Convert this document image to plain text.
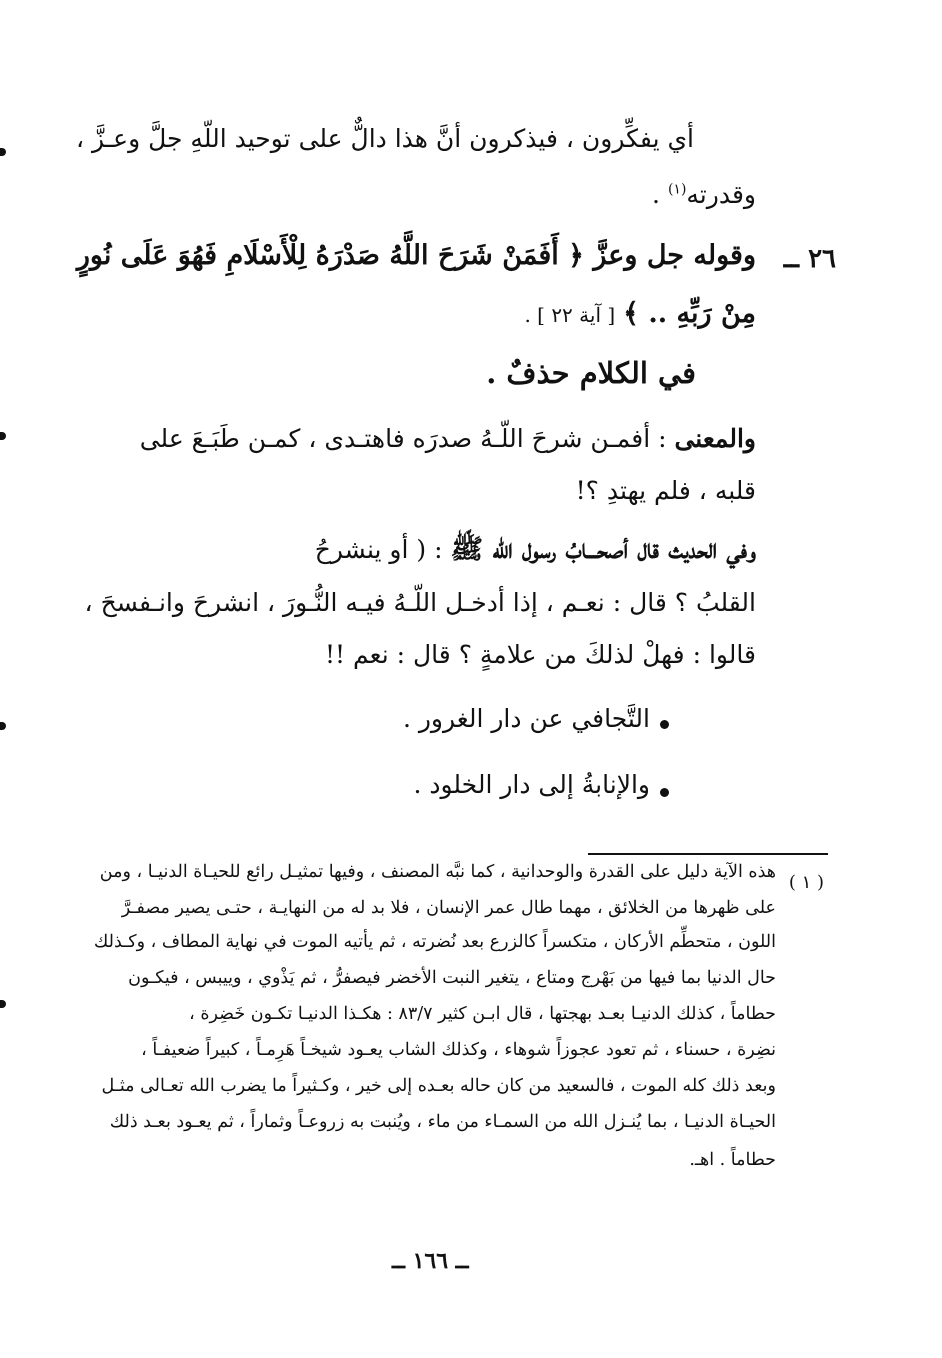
أي يفكِّرون ، فيذكرون أنَّ هذا دالٌّ على توحيد اللّهِ جلَّ وعـزَّ ،
وقدرته$^{(١)}$ .
٢٦ ــ
وقوله جل وعزَّ ﴿ أَفَمَنْ شَرَحَ اللَّهُ صَدْرَهُ لِلْأَسْلَامِ فَهُوَ عَلَى نُورٍ
مِنْ رَبِّهِ .. ﴾ [ آية ٢٢ ] .
في الكلام حذفٌ .
والمعنى : أفمـن شرحَ اللّـهُ صدرَه فاهتـدى ، كمـن طَبَـعَ على
قلبه ، فلم يهتدِ ؟!
وفي الحديث قال أصحـــابُ رسول الله ﷺ : ( أو ينشرحُ
القلبُ ؟ قال : نعـم ، إذا أدخـل اللّـهُ فيـه النُّـورَ ، انشرحَ وانـفسحَ ،
قالوا : فهلْ لذلكَ من علامةٍ ؟ قال : نعم !!
التَّجافي عن دار الغرور .
والإنابةُ إلى دار الخلود .
( ١ )
هذه الآية دليل على القدرة والوحدانية ، كما نبَّه المصنف ، وفيها تمثيـل رائع للحيـاة الدنيـا ، ومن
على ظهرها من الخلائق ، مهما طال عمر الإنسان ، فلا بد له من النهايـة ، حتـى يصير مصفـرَّ
اللون ، متحطِّم الأركان ، متكسراً كالزرع بعد نُضرته ، ثم يأتيه الموت في نهاية المطاف ، وكـذلك
حال الدنيا بما فيها من بَهْرج ومتاع ، يتغير النبت الأخضر فيصفرُّ ، ثم يَذْوي ، وييبس ، فيكـون
حطاماً ، كذلك الدنيـا بعـد بهجتها ، قال ابـن كثير ٨٣/٧ : هكـذا الدنيـا تكـون خَضِرة ،
نضِرة ، حسناء ، ثم تعود عجوزاً شوهاء ، وكذلك الشاب يعـود شيخـاً هَرِمـاً ، كبيراً ضعيفـاً ،
وبعد ذلك كله الموت ، فالسعيد من كان حاله بعـده إلى خير ، وكـثيراً ما يضرب الله تعـالى مثـل
الحيـاة الدنيـا ، بما يُنـزل الله من السمـاء من ماء ، ويُنبت به زروعـاً وثماراً ، ثم يعـود بعـد ذلك
حطاماً . اهـ.
ــ ١٦٦ ــ
